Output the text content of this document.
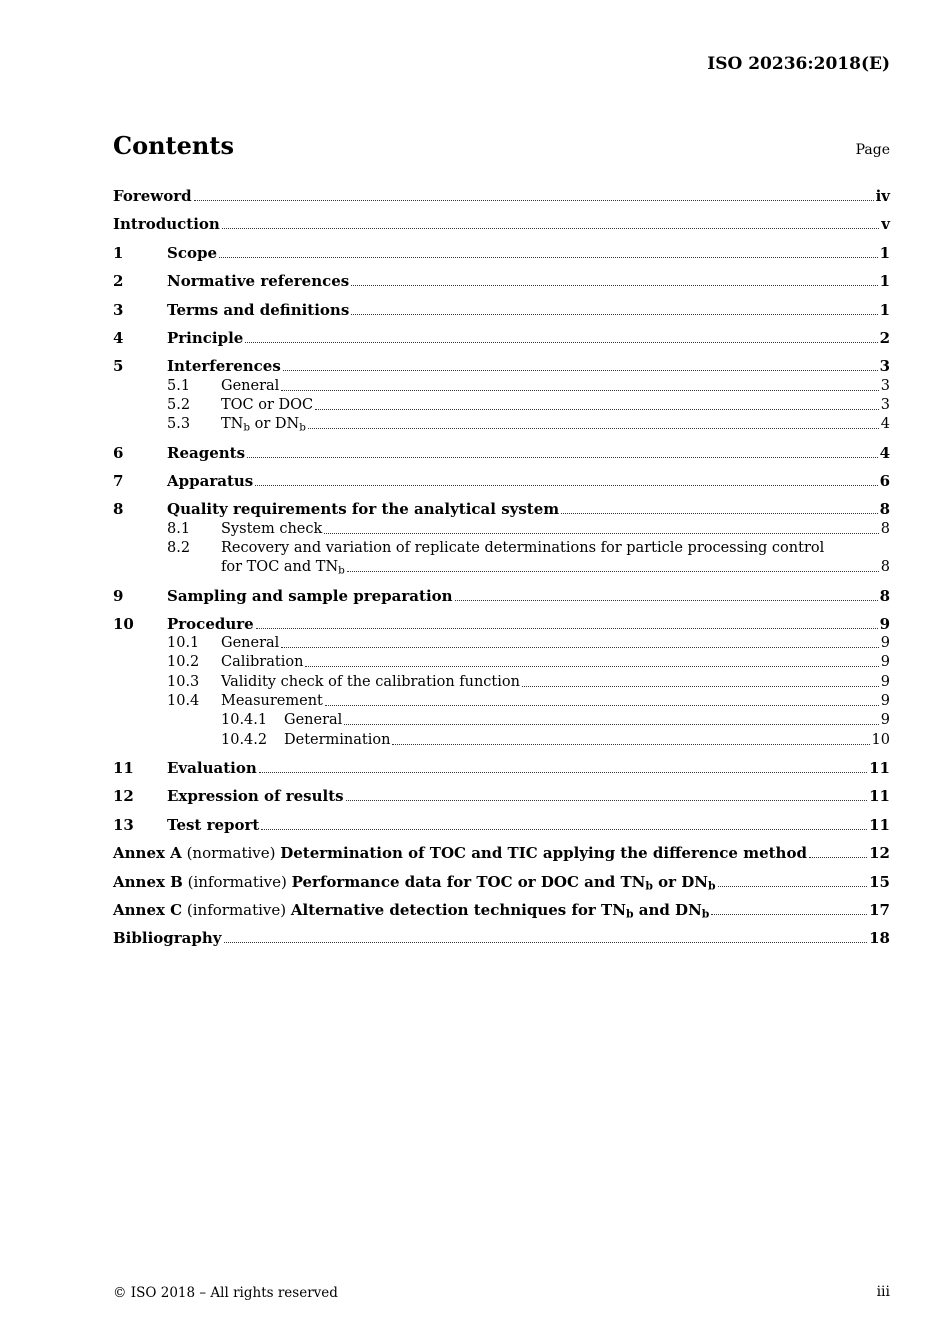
ISO 20236:2018(E)
Contents	Page
Foreword	iv
Introduction	v
1	Scope	1
2	Normative references	1
3	Terms and definitions	1
4	Principle	2
5	Interferences	3
5.1	General	3
5.2	TOC or DOC	3
5.3	$TN_b$ or $DN_b$	4
6	Reagents	4
7	Apparatus	6
8	Quality requirements for the analytical system	8
8.1	System check	8
8.2 Recovery and variation of replicate determinations for particle processing control
for TOC and $TN_b$	8
9	Sampling and sample preparation	8
10	Procedure	9
10.1	General	9
10.2	Calibration	9
10.3	Validity check of the calibration function	9
10.4	Measurement	9
10.4.1	General	9
10.4.2	Determination	10
11	Evaluation	11
12	Expression of results	11
13	Test report	11
Annex A (normative) Determination of TOC and TIC applying the difference method	12
Annex B (informative) Performance data for TOC or DOC and $TN_b$ or $DN_b$	15
Annex C (informative) Alternative detection techniques for $TN_b$ and $DN_b$	17
Bibliography	18
© ISO 2018 – All rights reserved	iii
